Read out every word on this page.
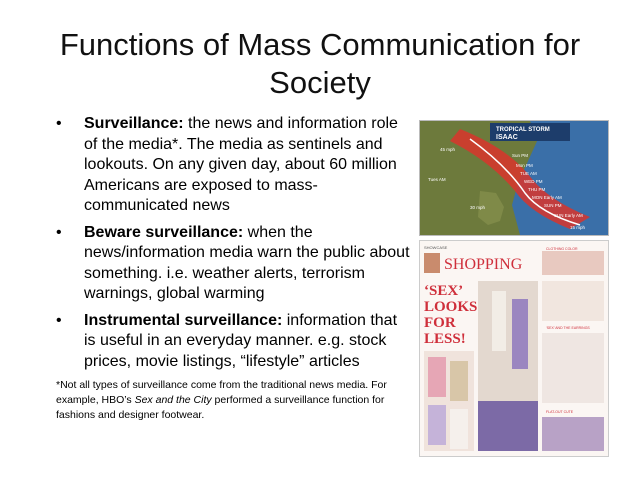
Functions of Mass Communication for Society
• Surveillance: the news and information role of the media*. The media as sentinels and lookouts. On any given day, about 60 million Americans are exposed to mass-communicated news
• Beware surveillance: when the news/information media warn the public about something. i.e. weather alerts, terrorism warnings, global warming
• Instrumental surveillance: information that is useful in an everyday manner. e.g. stock prices, movie listings, “lifestyle” articles
*Not all types of surveillance come from the traditional news media. For example, HBO’s Sex and the City performed a surveillance function for fashions and designer footwear.
TROPICAL STORM
ISAAC
45 mph
Sun PM
Mon PM
TUE AM
WED PM
THU PM
MON Early AM
SUN PM
SUN Early AM
Tues AM
30 mph
15 mph
SHOWCASE
SHOPPING
CLOTHING COLOR
‘SEX’
LOOKS
FOR
LESS!
‘SEX’ AND THE EARRINGS
FLAT-OUT CUTE
